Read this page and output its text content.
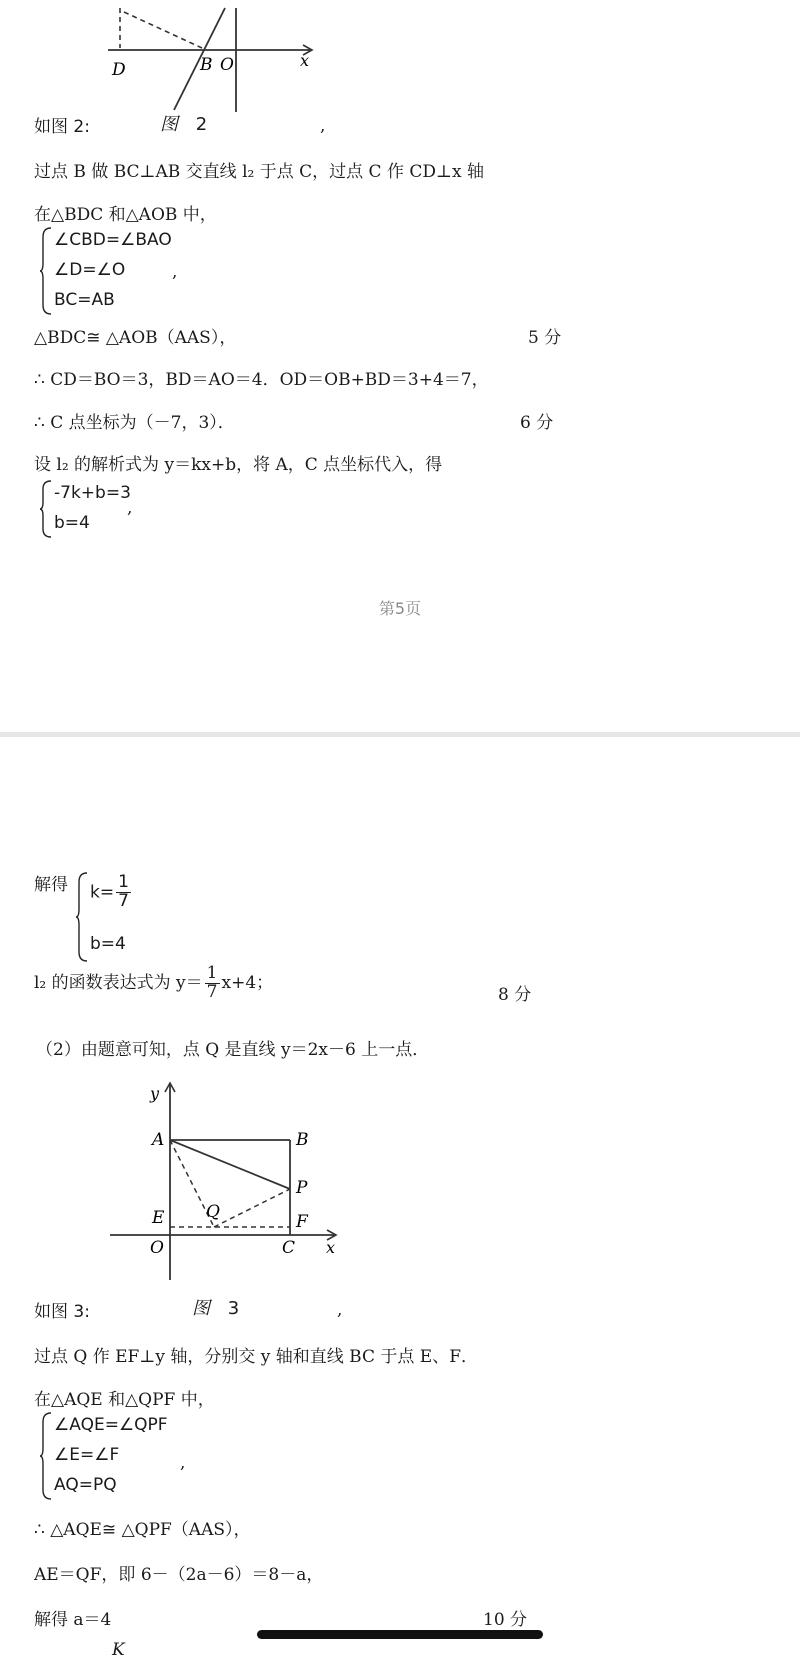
D	B O	x
如图 2:	图 2	,
过点 B 做 BC⊥AB 交直线 l₂ 于点 C，过点 C 作 CD⊥x 轴
在△BDC 和△AOB 中，
∠CBD=∠BAO
∠D=∠O
BC=AB
,
△BDC≅ △AOB（AAS），	5 分
∴ CD＝BO＝3，BD＝AO＝4．OD＝OB+BD＝3+4＝7，
∴ C 点坐标为（－7，3）．	6 分
设 l₂ 的解析式为 y＝kx+b，将 A，C 点坐标代入，得
-7k+b=3
b=4
,
第5页
解得 $k= \frac{1}{7}$
b=4
l₂ 的函数表达式为 $y= \frac{1}{7} x+4$；
8 分
（2）由题意可知，点 Q 是直线 y＝2x－6 上一点．
y
A	B
P
E Q	F
O	C x
如图 3:	图 3	,
过点 Q 作 EF⊥y 轴，分别交 y 轴和直线 BC 于点 E、F．
在△AQE 和△QPF 中，
∠AQE=∠QPF
∠E=∠F
AQ=PQ
,
∴ △AQE≅ △QPF（AAS），
AE＝QF，即 6－（2a－6）＝8－a，
解得 a＝4	10 分
K
